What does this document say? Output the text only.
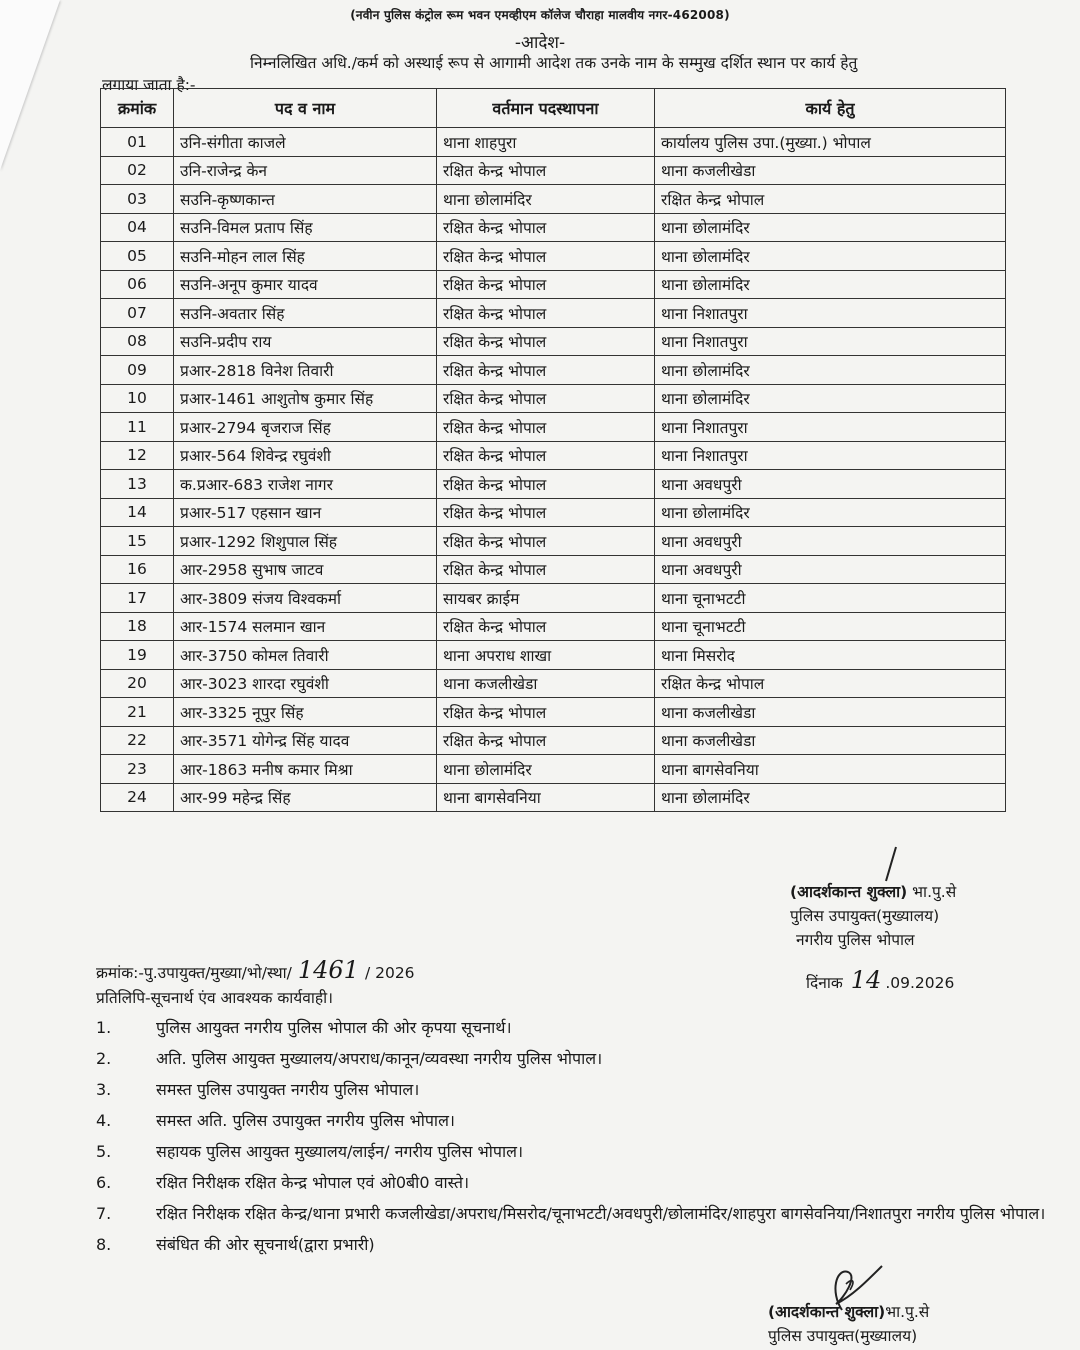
(नवीन पुलिस कंट्रोल रूम भवन एमव्हीएम कॉलेज चौराहा मालवीय नगर-462008)
-आदेश-
निम्नलिखित अधि./कर्म को अस्थाई रूप से आगामी आदेश तक उनके नाम के सम्मुख दर्शित स्थान पर कार्य हेतु
लगाया जाता है:-
क्रमांक	पद व नाम	वर्तमान पदस्थापना	कार्य हेतु
01	उनि-संगीता काजले	थाना शाहपुरा	कार्यालय पुलिस उपा.(मुख्या.) भोपाल
02	उनि-राजेन्द्र केन	रक्षित केन्द्र भोपाल	थाना कजलीखेडा
03	सउनि-कृष्णकान्त	थाना छोलामंदिर	रक्षित केन्द्र भोपाल
04	सउनि-विमल प्रताप सिंह	रक्षित केन्द्र भोपाल	थाना छोलामंदिर
05	सउनि-मोहन लाल सिंह	रक्षित केन्द्र भोपाल	थाना छोलामंदिर
06	सउनि-अनूप कुमार यादव	रक्षित केन्द्र भोपाल	थाना छोलामंदिर
07	सउनि-अवतार सिंह	रक्षित केन्द्र भोपाल	थाना निशातपुरा
08	सउनि-प्रदीप राय	रक्षित केन्द्र भोपाल	थाना निशातपुरा
09	प्रआर-2818 विनेश तिवारी	रक्षित केन्द्र भोपाल	थाना छोलामंदिर
10	प्रआर-1461 आशुतोष कुमार सिंह	रक्षित केन्द्र भोपाल	थाना छोलामंदिर
11	प्रआर-2794 बृजराज सिंह	रक्षित केन्द्र भोपाल	थाना निशातपुरा
12	प्रआर-564 शिवेन्द्र रघुवंशी	रक्षित केन्द्र भोपाल	थाना निशातपुरा
13	क.प्रआर-683 राजेश नागर	रक्षित केन्द्र भोपाल	थाना अवधपुरी
14	प्रआर-517 एहसान खान	रक्षित केन्द्र भोपाल	थाना छोलामंदिर
15	प्रआर-1292 शिशुपाल सिंह	रक्षित केन्द्र भोपाल	थाना अवधपुरी
16	आर-2958 सुभाष जाटव	रक्षित केन्द्र भोपाल	थाना अवधपुरी
17	आर-3809 संजय विश्वकर्मा	सायबर क्राईम	थाना चूनाभटटी
18	आर-1574 सलमान खान	रक्षित केन्द्र भोपाल	थाना चूनाभटटी
19	आर-3750 कोमल तिवारी	थाना अपराध शाखा	थाना मिसरोद
20	आर-3023 शारदा रघुवंशी	थाना कजलीखेडा	रक्षित केन्द्र भोपाल
21	आर-3325 नूपुर सिंह	रक्षित केन्द्र भोपाल	थाना कजलीखेडा
22	आर-3571 योगेन्द्र सिंह यादव	रक्षित केन्द्र भोपाल	थाना कजलीखेडा
23	आर-1863 मनीष कमार मिश्रा	थाना छोलामंदिर	थाना बागसेवनिया
24	आर-99 महेन्द्र सिंह	थाना बागसेवनिया	थाना छोलामंदिर
(आदर्शकान्त शुक्ला) भा.पु.से
पुलिस उपायुक्त(मुख्यालय)
नगरीय पुलिस भोपाल
दिंनाक 14 .09.2026
क्रमांक:-पु.उपायुक्त/मुख्या/भो/स्था/ 1461 / 2026
प्रतिलिपि-सूचनार्थ एंव आवश्यक कार्यवाही।
1.	पुलिस आयुक्त नगरीय पुलिस भोपाल की ओर कृपया सूचनार्थ।
2.	अति. पुलिस आयुक्त मुख्यालय/अपराध/कानून/व्यवस्था नगरीय पुलिस भोपाल।
3.	समस्त पुलिस उपायुक्त नगरीय पुलिस भोपाल।
4.	समस्त अति. पुलिस उपायुक्त नगरीय पुलिस भोपाल।
5.	सहायक पुलिस आयुक्त मुख्यालय/लाईन/ नगरीय पुलिस भोपाल।
6.	रक्षित निरीक्षक रक्षित केन्द्र भोपाल एवं ओ0बी0 वास्ते।
7.	रक्षित निरीक्षक रक्षित केन्द्र/थाना प्रभारी कजलीखेडा/अपराध/मिसरोद/चूनाभटटी/अवधपुरी/छोलामंदिर/शाहपुरा बागसेवनिया/निशातपुरा नगरीय पुलिस भोपाल।
8.	संबंधित की ओर सूचनार्थ(द्वारा प्रभारी)
(आदर्शकान्त शुक्ला)भा.पु.से
पुलिस उपायुक्त(मुख्यालय)
